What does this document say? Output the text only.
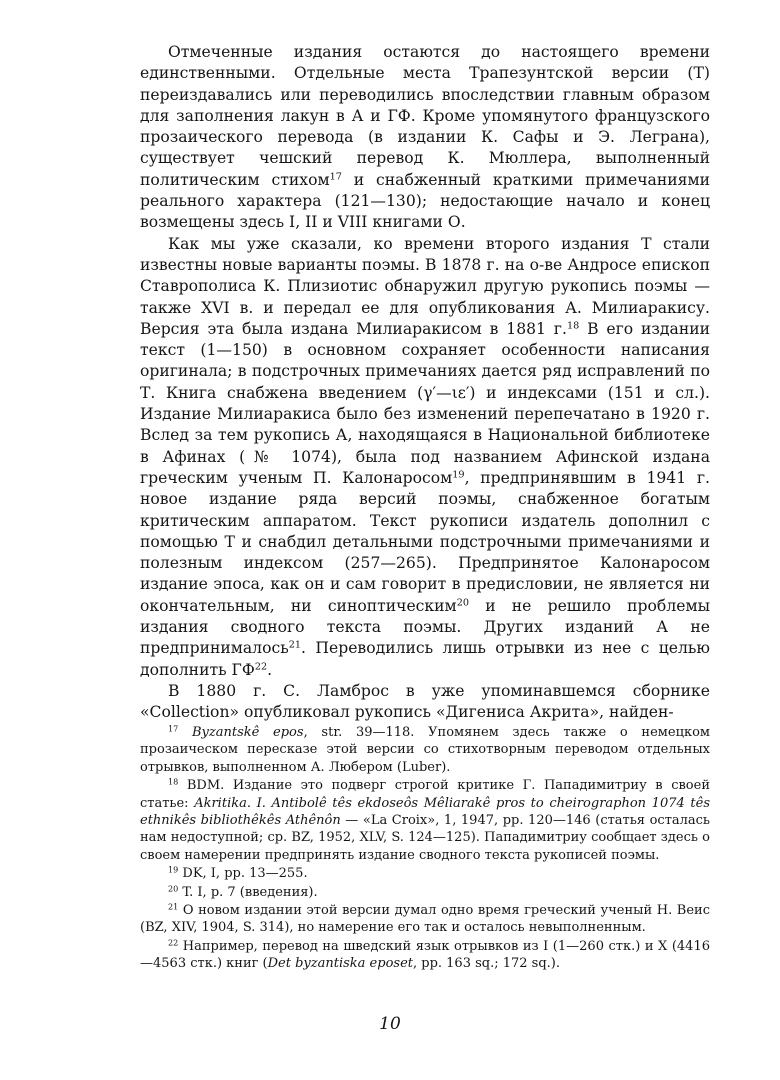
Отмеченные издания остаются до настоящего времени единственными. Отдельные места Трапезунтской версии (Т) переиздавались или переводились впоследствии главным образом для заполнения лакун в А и ГФ. Кроме упомянутого французского прозаического перевода (в издании К. Сафы и Э. Леграна), существует чешский перевод К. Мюллера, выполненный политическим стихом$^{17}$ и снабженный краткими примечаниями реального характера (121—130); недостающие начало и конец возмещены здесь I, II и VIII книгами О.

Как мы уже сказали, ко времени второго издания Т стали известны новые варианты поэмы. В 1878 г. на о-ве Андросе епископ Ставрополиса К. Плизиотис обнаружил другую рукопись поэмы — также XVI в. и передал ее для опубликования А. Милиаракису. Версия эта была издана Милиаракисом в 1881 г.$^{18}$ В его издании текст (1—150) в основном сохраняет особенности написания оригинала; в подстрочных примечаниях дается ряд исправлений по Т. Книга снабжена введением (γ′—ιε′) и индексами (151 и сл.). Издание Милиаракиса было без изменений перепечатано в 1920 г. Вслед за тем рукопись А, находящаяся в Национальной библиотеке в Афинах (№ 1074), была под названием Афинской издана греческим ученым П. Калонаросом$^{19}$, предпринявшим в 1941 г. новое издание ряда версий поэмы, снабженное богатым критическим аппаратом. Текст рукописи издатель дополнил с помощью Т и снабдил детальными подстрочными примечаниями и полезным индексом (257—265). Предпринятое Калонаросом издание эпоса, как он и сам говорит в предисловии, не является ни окончательным, ни синоптическим$^{20}$ и не решило проблемы издания сводного текста поэмы. Других изданий А не предпринималось$^{21}$. Переводились лишь отрывки из нее с целью дополнить ГФ$^{22}$.

В 1880 г. С. Ламброс в уже упоминавшемся сборнике «Collection» опубликовал рукопись «Дигениса Акрита», найден-

$^{17}$ Byzantskê epos, str. 39—118. Упомянем здесь также о немецком прозаическом пересказе этой версии со стихотворным переводом отдельных отрывков, выполненном А. Любером (Luber).

$^{18}$ BDM. Издание это подверг строгой критике Г. Пападимитриу в своей статье: Akritika. I. Antibolê tês ekdoseôs Mêliarakê pros to cheirographon 1074 tês ethnikês bibliothêkês Athênôn — «La Croix», 1, 1947, pp. 120—146 (статья осталась нам недоступной; ср. BZ, 1952, XLV, S. 124—125). Пападимитриу сообщает здесь о своем намерении предпринять издание сводного текста рукописей поэмы.

$^{19}$ DK, I, pp. 13—255.

$^{20}$ T. I, p. 7 (введения).

$^{21}$ О новом издании этой версии думал одно время греческий ученый Н. Веис (BZ, XIV, 1904, S. 314), но намерение его так и осталось невыполненным.

$^{22}$ Например, перевод на шведский язык отрывков из I (1—260 стк.) и X (4416—4563 стк.) книг (Det byzantiska eposet, pp. 163 sq.; 172 sq.).

10
